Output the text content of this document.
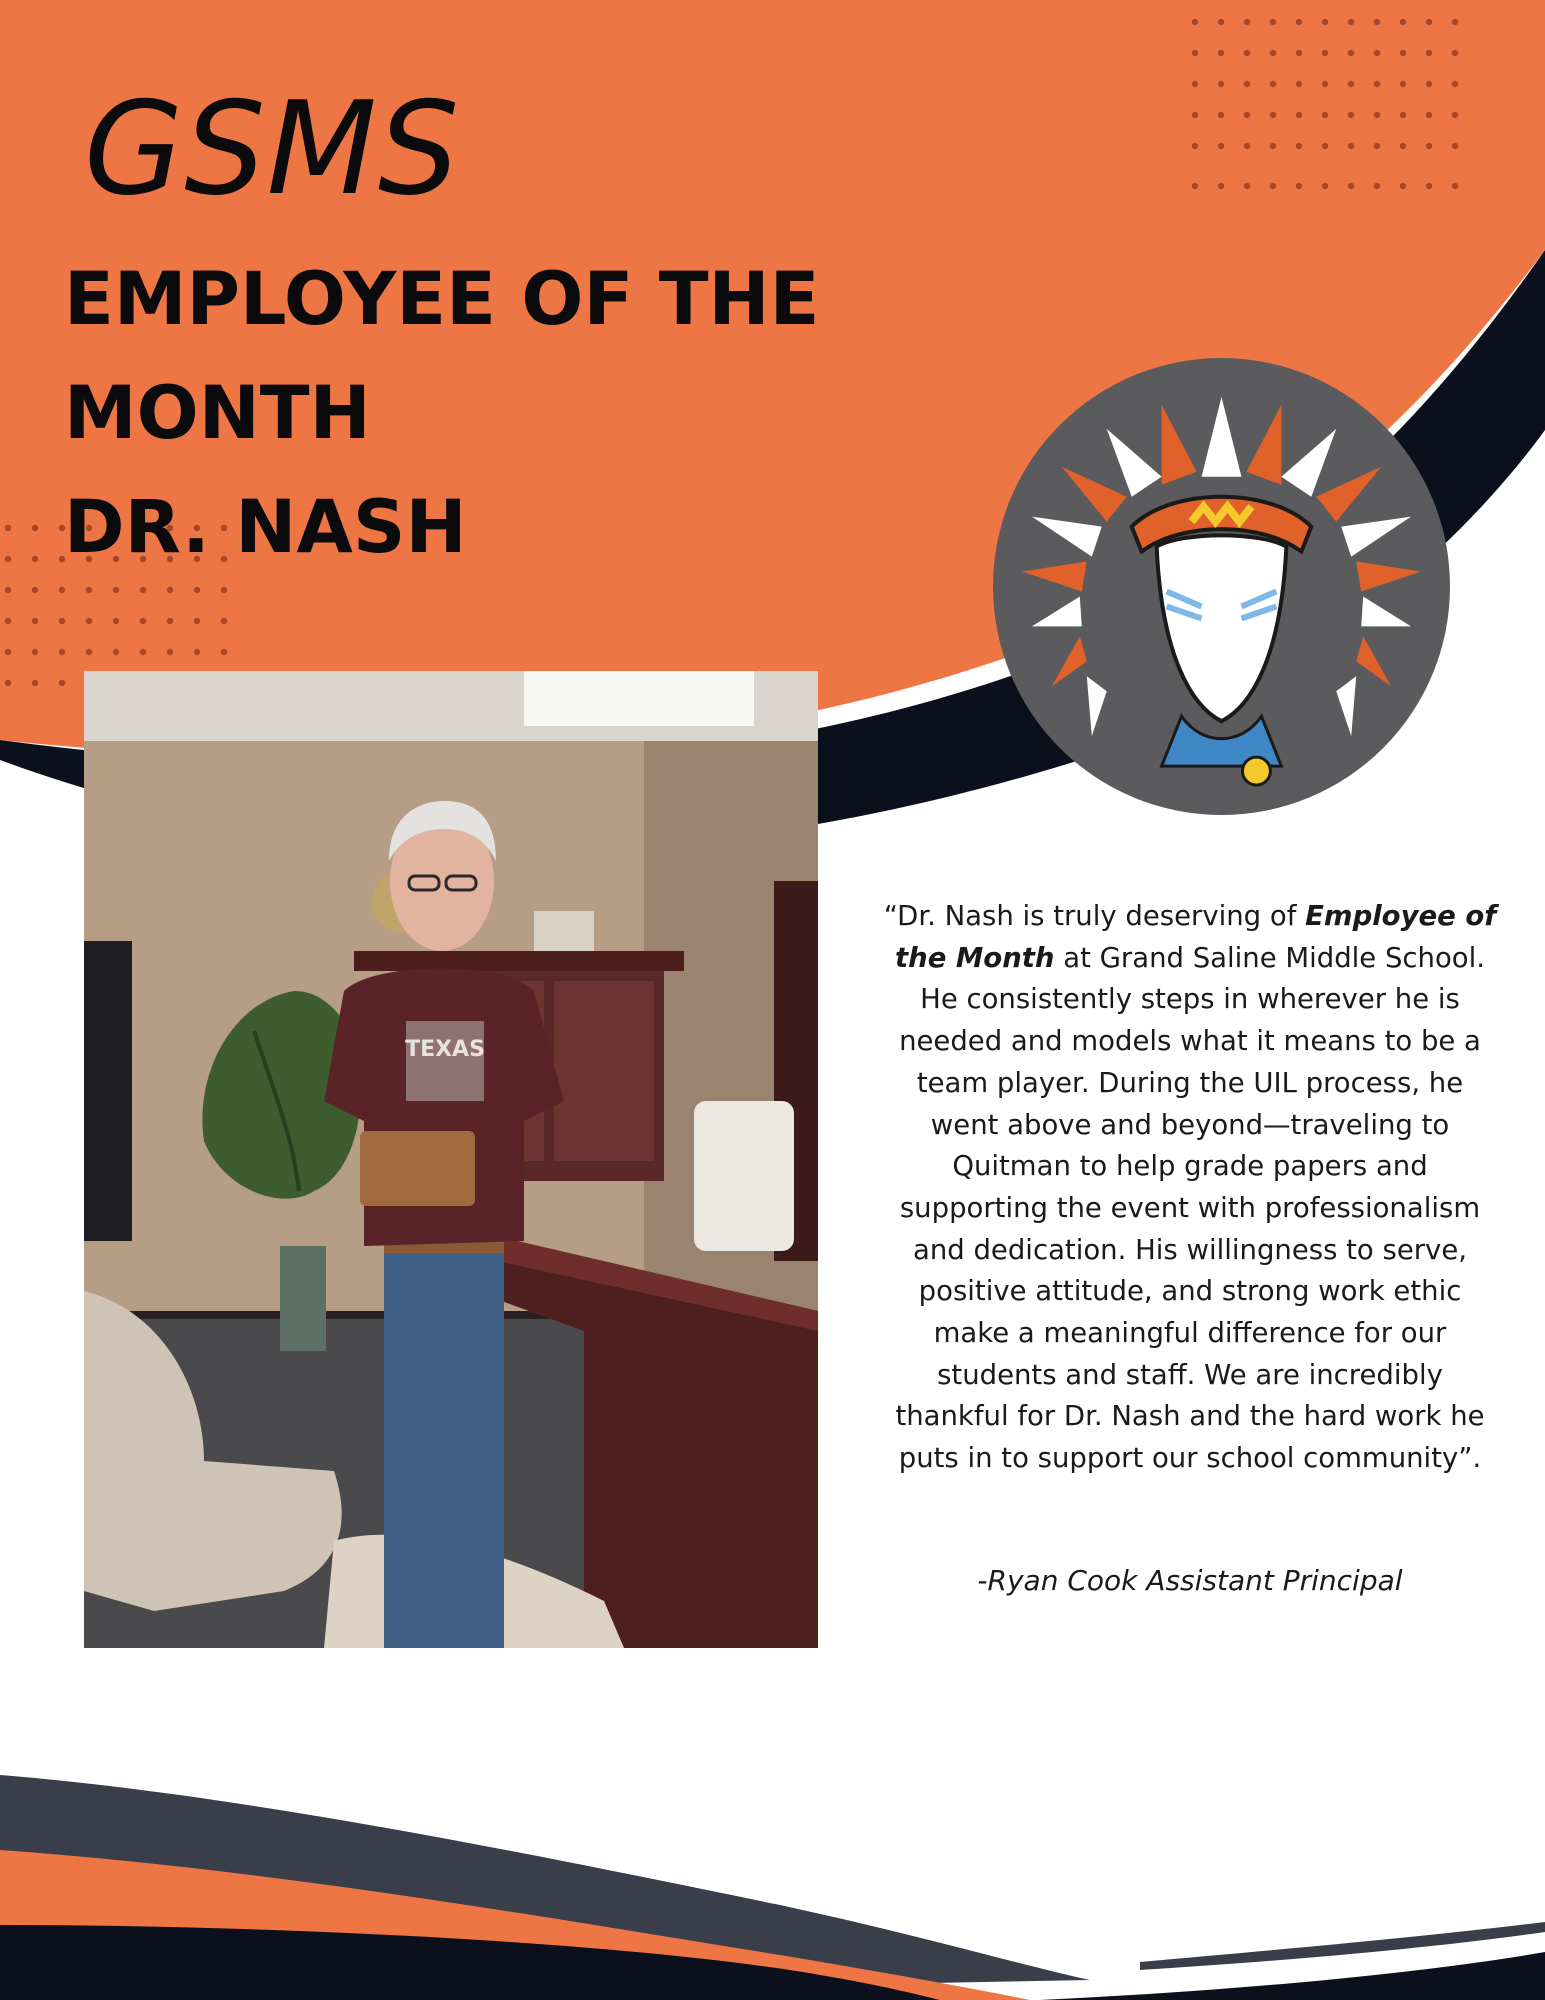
GSMS
EMPLOYEE OF THE
MONTH
DR. NASH
TEXAS

“Dr. Nash is truly deserving of Employee of the Month at Grand Saline Middle School. He consistently steps in wherever he is needed and models what it means to be a team player. During the UIL process, he went above and beyond—traveling to Quitman to help grade papers and supporting the event with professionalism and dedication. His willingness to serve, positive attitude, and strong work ethic make a meaningful difference for our students and staff. We are incredibly thankful for Dr. Nash and the hard work he puts in to support our school community”.

-Ryan Cook Assistant Principal
